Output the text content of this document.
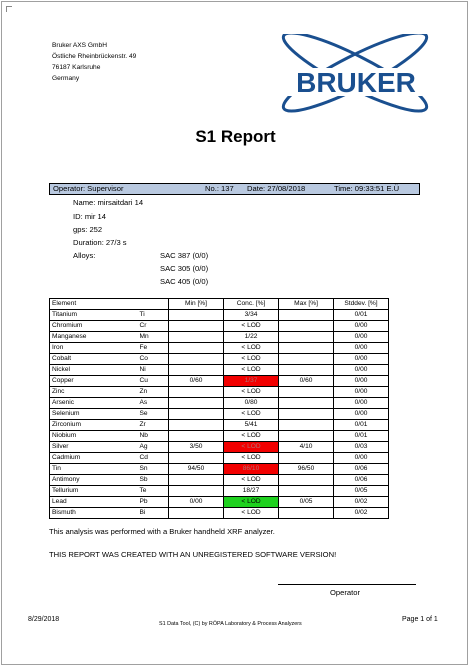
Bruker AXS GmbH
Östliche Rheinbrückenstr. 49
76187 Karlsruhe
Germany	BRUKER
S1 Report
Operator: Supervisor	No.: 137 Date: 27/08/2018	Time: 09:33:51 E.Ü
Name: mirsaitdari 14
ID: mir 14
gps: 252
Duration: 27/3 s
Alloys:	SAC 387 (0/0)
SAC 305 (0/0)
SAC 405 (0/0)
Element		Min [%]	Conc. [%]	Max [%]	Stddev. [%]
Titanium	Ti		3/34		0/01
Chromium	Cr		< LOD		0/00
Manganese	Mn		1/22		0/00
Iron	Fe		< LOD		0/00
Cobalt	Co		< LOD		0/00
Nickel	Ni		< LOD		0/00
Copper	Cu	0/60	1/37	0/60	0/00
Zinc	Zn		< LOD		0/00
Arsenic	As		0/80		0/00
Selenium	Se		< LOD		0/00
Zirconium	Zr		5/41		0/01
Niobium	Nb		< LOD		0/01
Silver	Ag	3/50	< LOD	4/10	0/03
Cadmium	Cd		< LOD		0/00
Tin	Sn	94/50	86/10	96/50	0/06
Antimony	Sb		< LOD		0/06
Tellurium	Te		18/27		0/05
Lead	Pb	0/00	< LOD	0/05	0/02
Bismuth	Bi		< LOD		0/02
This analysis was performed with a Bruker handheld XRF analyzer.
THIS REPORT WAS CREATED WITH AN UNREGISTERED SOFTWARE VERSION!
Operator
8/29/2018
S1 Data Tool, (C) by RÖPA Laboratory & Process Analyzers
Page 1 of 1
